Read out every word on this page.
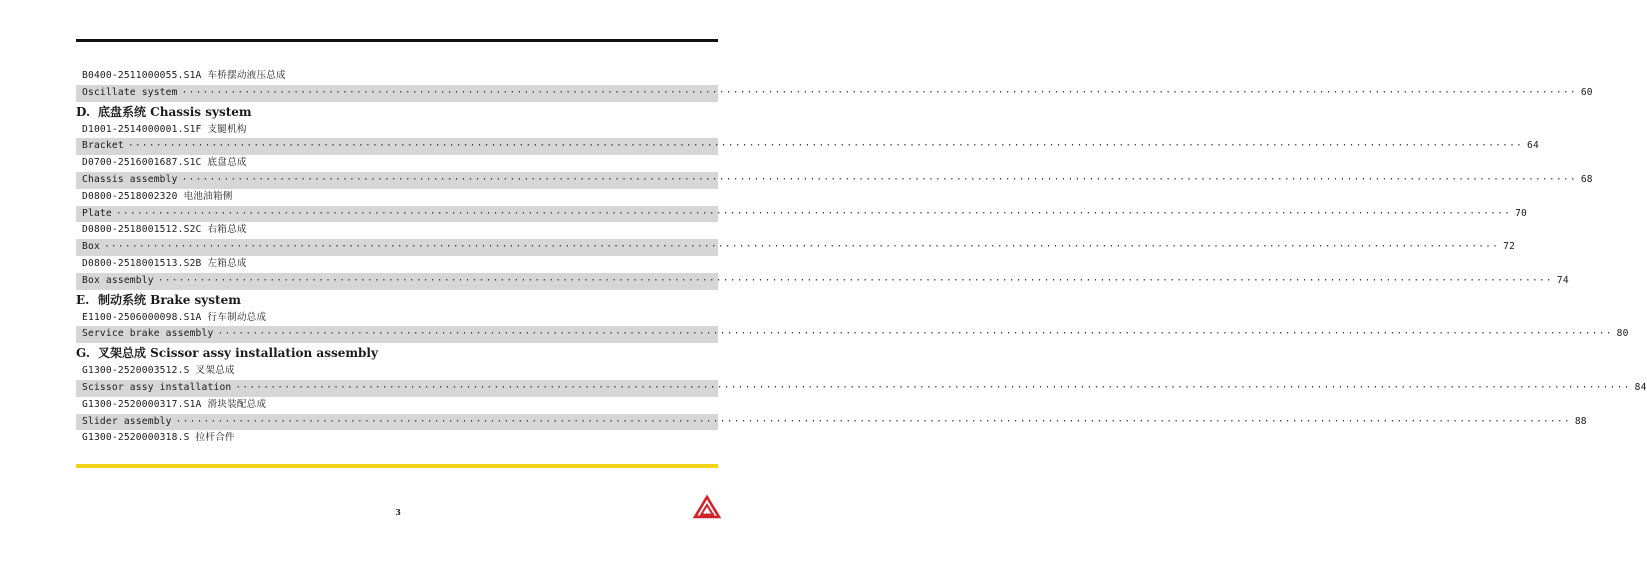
B0400-2511000055.S1A 车桥摆动液压总成
Oscillate system ········································································································································································································ 60
D. 底盘系统 Chassis system
D1001-2514000001.S1F 支腿机构
Bracket ········································································································································································································ 64
D0700-2516001687.S1C 底盘总成
Chassis assembly ········································································································································································································ 68
D0800-2518002320 电池油箱侧
Plate ········································································································································································································ 70
D0800-2518001512.S2C 右箱总成
Box ········································································································································································································ 72
D0800-2518001513.S2B 左箱总成
Box assembly ········································································································································································································ 74
E. 制动系统 Brake system
E1100-2506000098.S1A 行车制动总成
Service brake assembly ········································································································································································································ 80
G. 叉架总成 Scissor assy installation assembly
G1300-2520003512.S 叉架总成
Scissor assy installation ········································································································································································································ 84
G1300-2520000317.S1A 滑块装配总成
Slider assembly ········································································································································································································ 88
G1300-2520000318.S 拉杆合件
3	LGMG
